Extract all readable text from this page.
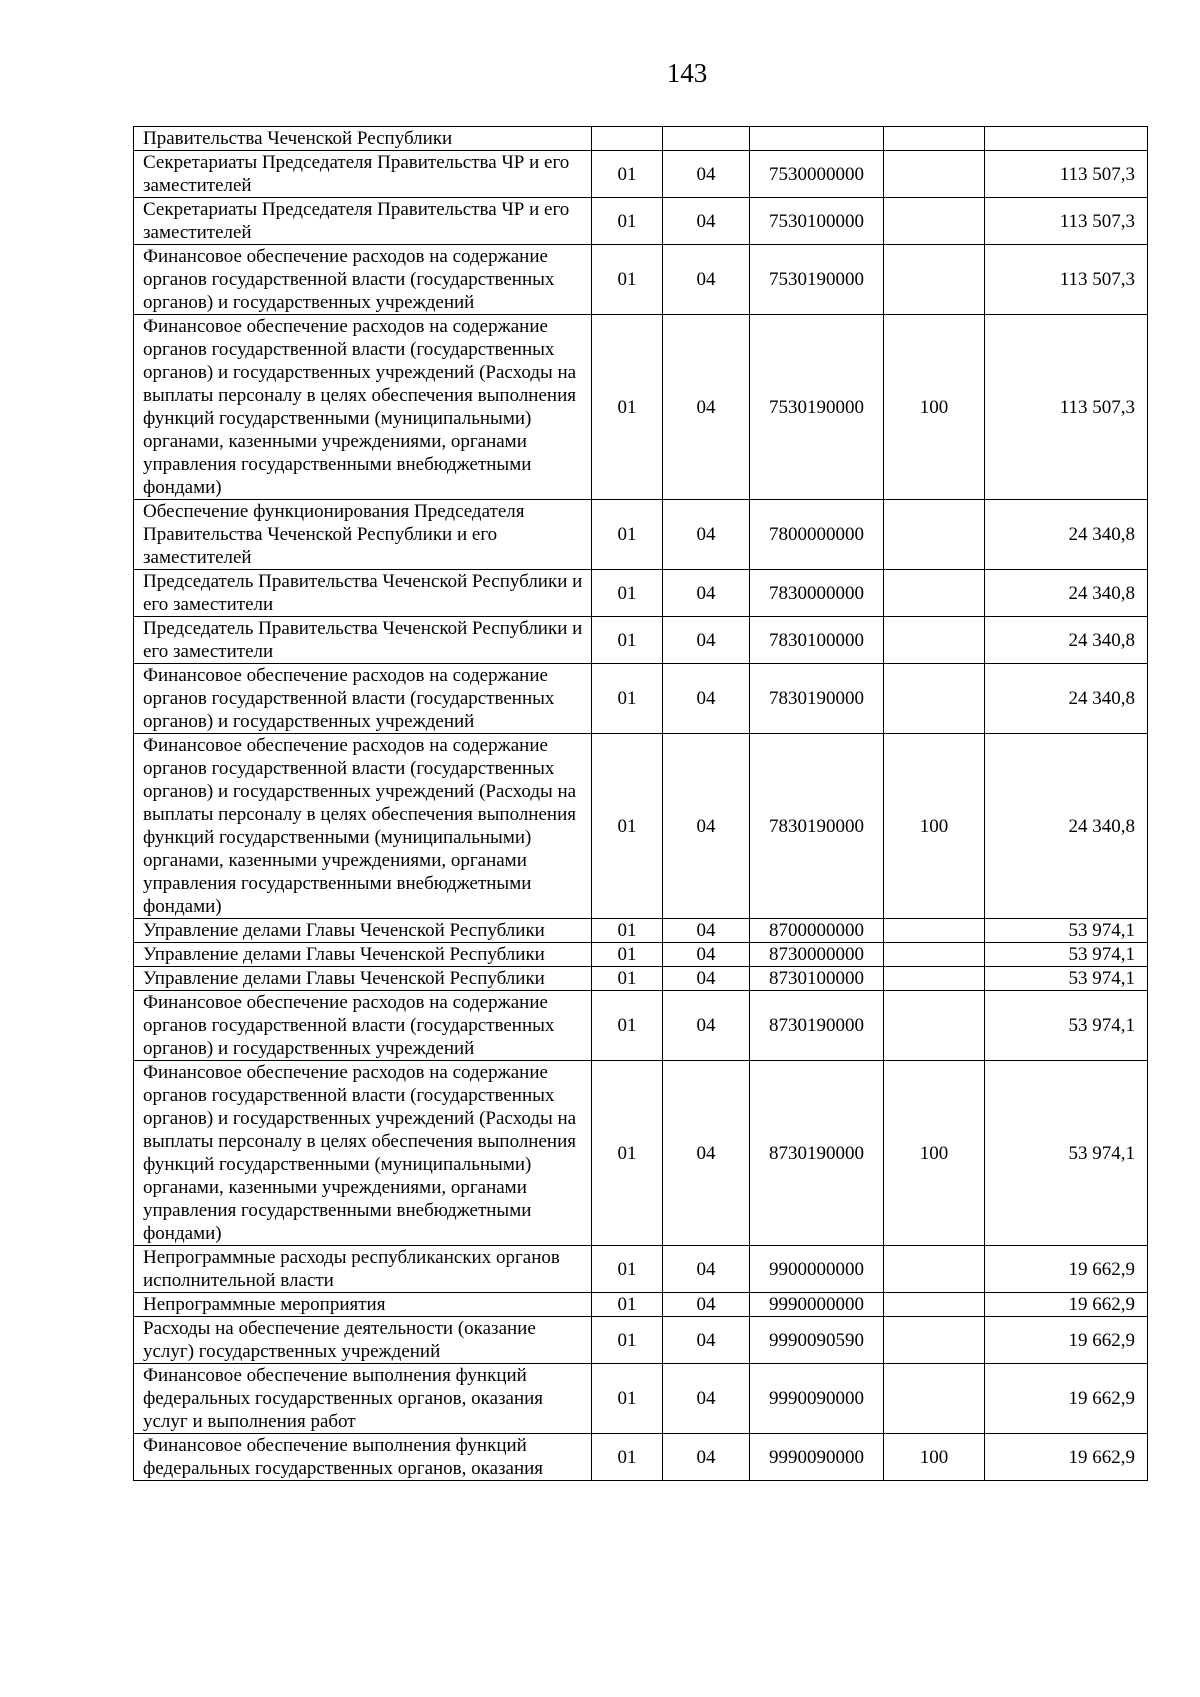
143
Правительства Чеченской Республики					
Секретариаты Председателя Правительства ЧР и его заместителей	01	04	7530000000		113 507,3
Секретариаты Председателя Правительства ЧР и его заместителей	01	04	7530100000		113 507,3
Финансовое обеспечение расходов на содержание органов государственной власти (государственных органов) и государственных учреждений	01	04	7530190000		113 507,3
Финансовое обеспечение расходов на содержание органов государственной власти (государственных органов) и государственных учреждений (Расходы на выплаты персоналу в целях обеспечения выполнения функций государственными (муниципальными) органами, казенными учреждениями, органами управления государственными внебюджетными фондами)	01	04	7530190000	100	113 507,3
Обеспечение функционирования Председателя Правительства Чеченской Республики и его заместителей	01	04	7800000000		24 340,8
Председатель Правительства Чеченской Республики и его заместители	01	04	7830000000		24 340,8
Председатель Правительства Чеченской Республики и его заместители	01	04	7830100000		24 340,8
Финансовое обеспечение расходов на содержание органов государственной власти (государственных органов) и государственных учреждений	01	04	7830190000		24 340,8
Финансовое обеспечение расходов на содержание органов государственной власти (государственных органов) и государственных учреждений (Расходы на выплаты персоналу в целях обеспечения выполнения функций государственными (муниципальными) органами, казенными учреждениями, органами управления государственными внебюджетными фондами)	01	04	7830190000	100	24 340,8
Управление делами Главы Чеченской Республики	01	04	8700000000		53 974,1
Управление делами Главы Чеченской Республики	01	04	8730000000		53 974,1
Управление делами Главы Чеченской Республики	01	04	8730100000		53 974,1
Финансовое обеспечение расходов на содержание органов государственной власти (государственных органов) и государственных учреждений	01	04	8730190000		53 974,1
Финансовое обеспечение расходов на содержание органов государственной власти (государственных органов) и государственных учреждений (Расходы на выплаты персоналу в целях обеспечения выполнения функций государственными (муниципальными) органами, казенными учреждениями, органами управления государственными внебюджетными фондами)	01	04	8730190000	100	53 974,1
Непрограммные расходы республиканских органов исполнительной власти	01	04	9900000000		19 662,9
Непрограммные мероприятия	01	04	9990000000		19 662,9
Расходы на обеспечение деятельности (оказание услуг) государственных учреждений	01	04	9990090590		19 662,9
Финансовое обеспечение выполнения функций федеральных государственных органов, оказания услуг и выполнения работ	01	04	9990090000		19 662,9
Финансовое обеспечение выполнения функций федеральных государственных органов, оказания	01	04	9990090000	100	19 662,9
